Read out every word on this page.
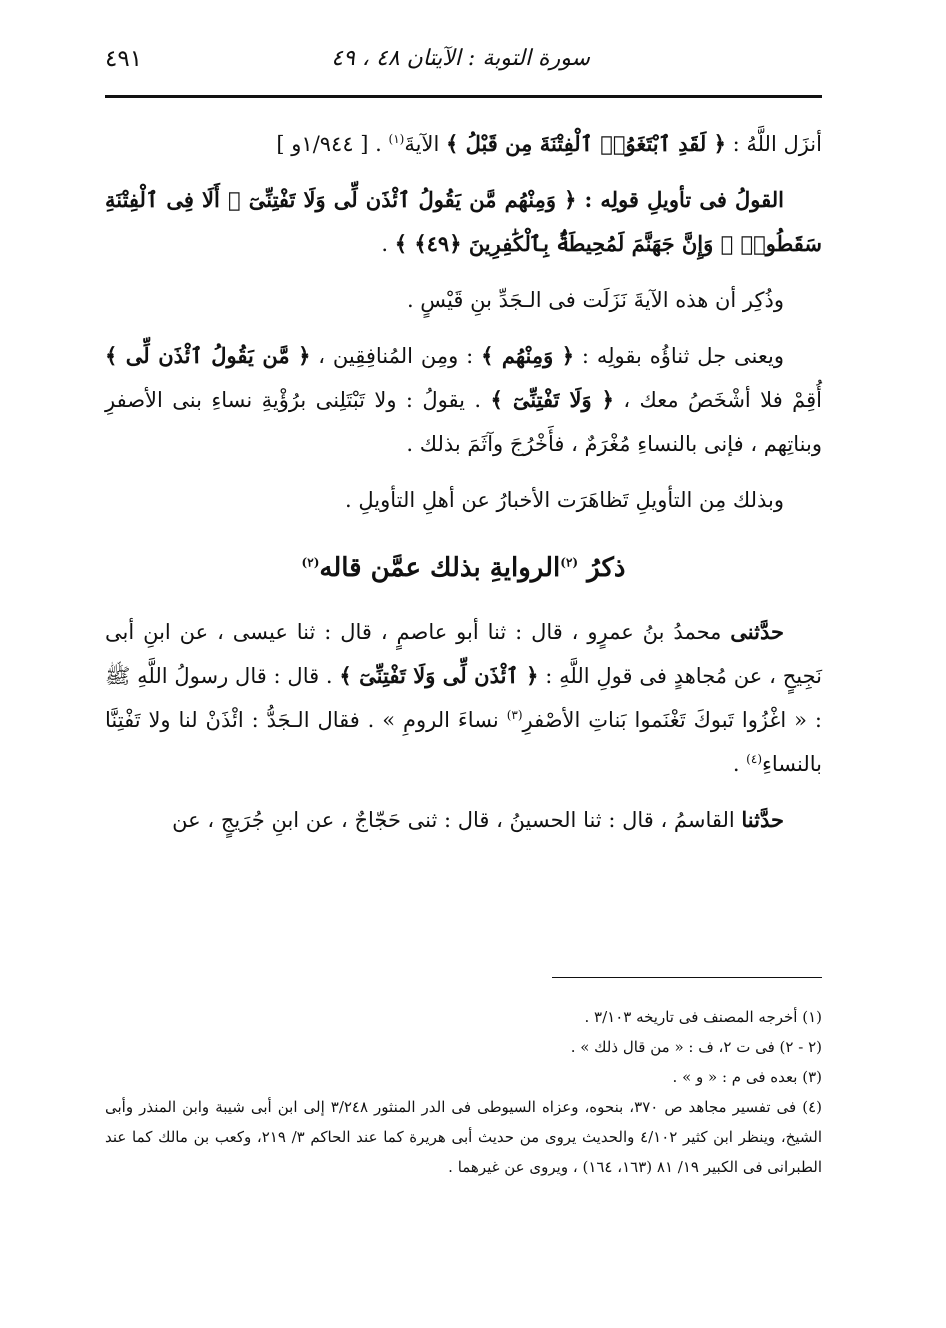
سورة التوبة : الآيتان ٤٨ ، ٤٩
٤٩١

أنزَل اللَّهُ : ﴿ لَقَدِ ٱبْتَغَوُا۟ ٱلْفِتْنَةَ مِن قَبْلُ ﴾ الآيةَ$^{(١)}$ . [ ١/٩٤٤و ]

القولُ فى تأويلِ قولِه : ﴿ وَمِنْهُم مَّن يَقُولُ ٱئْذَن لِّى وَلَا تَفْتِنِّىٓ ۚ أَلَا فِى ٱلْفِتْنَةِ سَقَطُوا۟ ۗ وَإِنَّ جَهَنَّمَ لَمُحِيطَةٌۢ بِٱلْكَٰفِرِينَ ﴿٤٩﴾ ﴾ .

وذُكِر أن هذه الآيةَ نَزَلَت فى الـجَدِّ بنِ قَيْسٍ .

ويعنى جل ثناؤُه بقولِه : ﴿ وَمِنْهُم ﴾ : ومِن المُنافِقِين ، ﴿ مَّن يَقُولُ ٱئْذَن لِّى ﴾ أُقِمْ فلا أشْخَصُ معك ، ﴿ وَلَا تَفْتِنِّىٓ ﴾ . يقولُ : ولا تَبْتَلِنى برُؤْيةِ نساءِ بنى الأصفرِ وبناتِهم ، فإنى بالنساءِ مُغْرَمٌ ، فأَخْرُجَ وآثَمَ بذلك .

وبذلك مِن التأويلِ تَظاهَرَت الأخبارُ عن أهلِ التأويلِ .

ذكرُ $^{(٢)}$الروايةِ بذلك عمَّن قاله$^{(٢)}$

حدَّثنى محمدُ بنُ عمرٍو ، قال : ثنا أبو عاصمٍ ، قال : ثنا عيسى ، عن ابنِ أبى نَجِيحٍ ، عن مُجاهدٍ فى قولِ اللَّهِ : ﴿ ٱئْذَن لِّى وَلَا تَفْتِنِّىٓ ﴾ . قال : قال رسولُ اللَّهِ ﷺ : « اغْزُوا تَبوكَ تَغْنَموا بَناتِ الأصْفرِ$^{(٣)}$ نساءَ الرومِ » . فقال الـجَدُّ : ائْذَنْ لنا ولا تَفْتِنَّا بالنساءِ$^{(٤)}$ .

حدَّثنا القاسمُ ، قال : ثنا الحسينُ ، قال : ثنى حَجّاجٌ ، عن ابنِ جُرَيجٍ ، عن

(١) أخرجه المصنف فى تاريخه ٣/١٠٣ .

(٢ - ٢) فى ت ٢، ف : « من قال ذلك » .

(٣) بعده فى م : « و » .

(٤) فى تفسير مجاهد ص ٣٧٠، بنحوه، وعزاه السيوطى فى الدر المنثور ٣/٢٤٨ إلى ابن أبى شيبة وابن المنذر وأبى الشيخ، وينظر ابن كثير ٤/١٠٢ والحديث يروى من حديث أبى هريرة كما عند الحاكم ٣/ ٢١٩، وكعب بن مالك كما عند الطبرانى فى الكبير ١٩/ ٨١ (١٦٣، ١٦٤) ، ويروى عن غيرهما .
